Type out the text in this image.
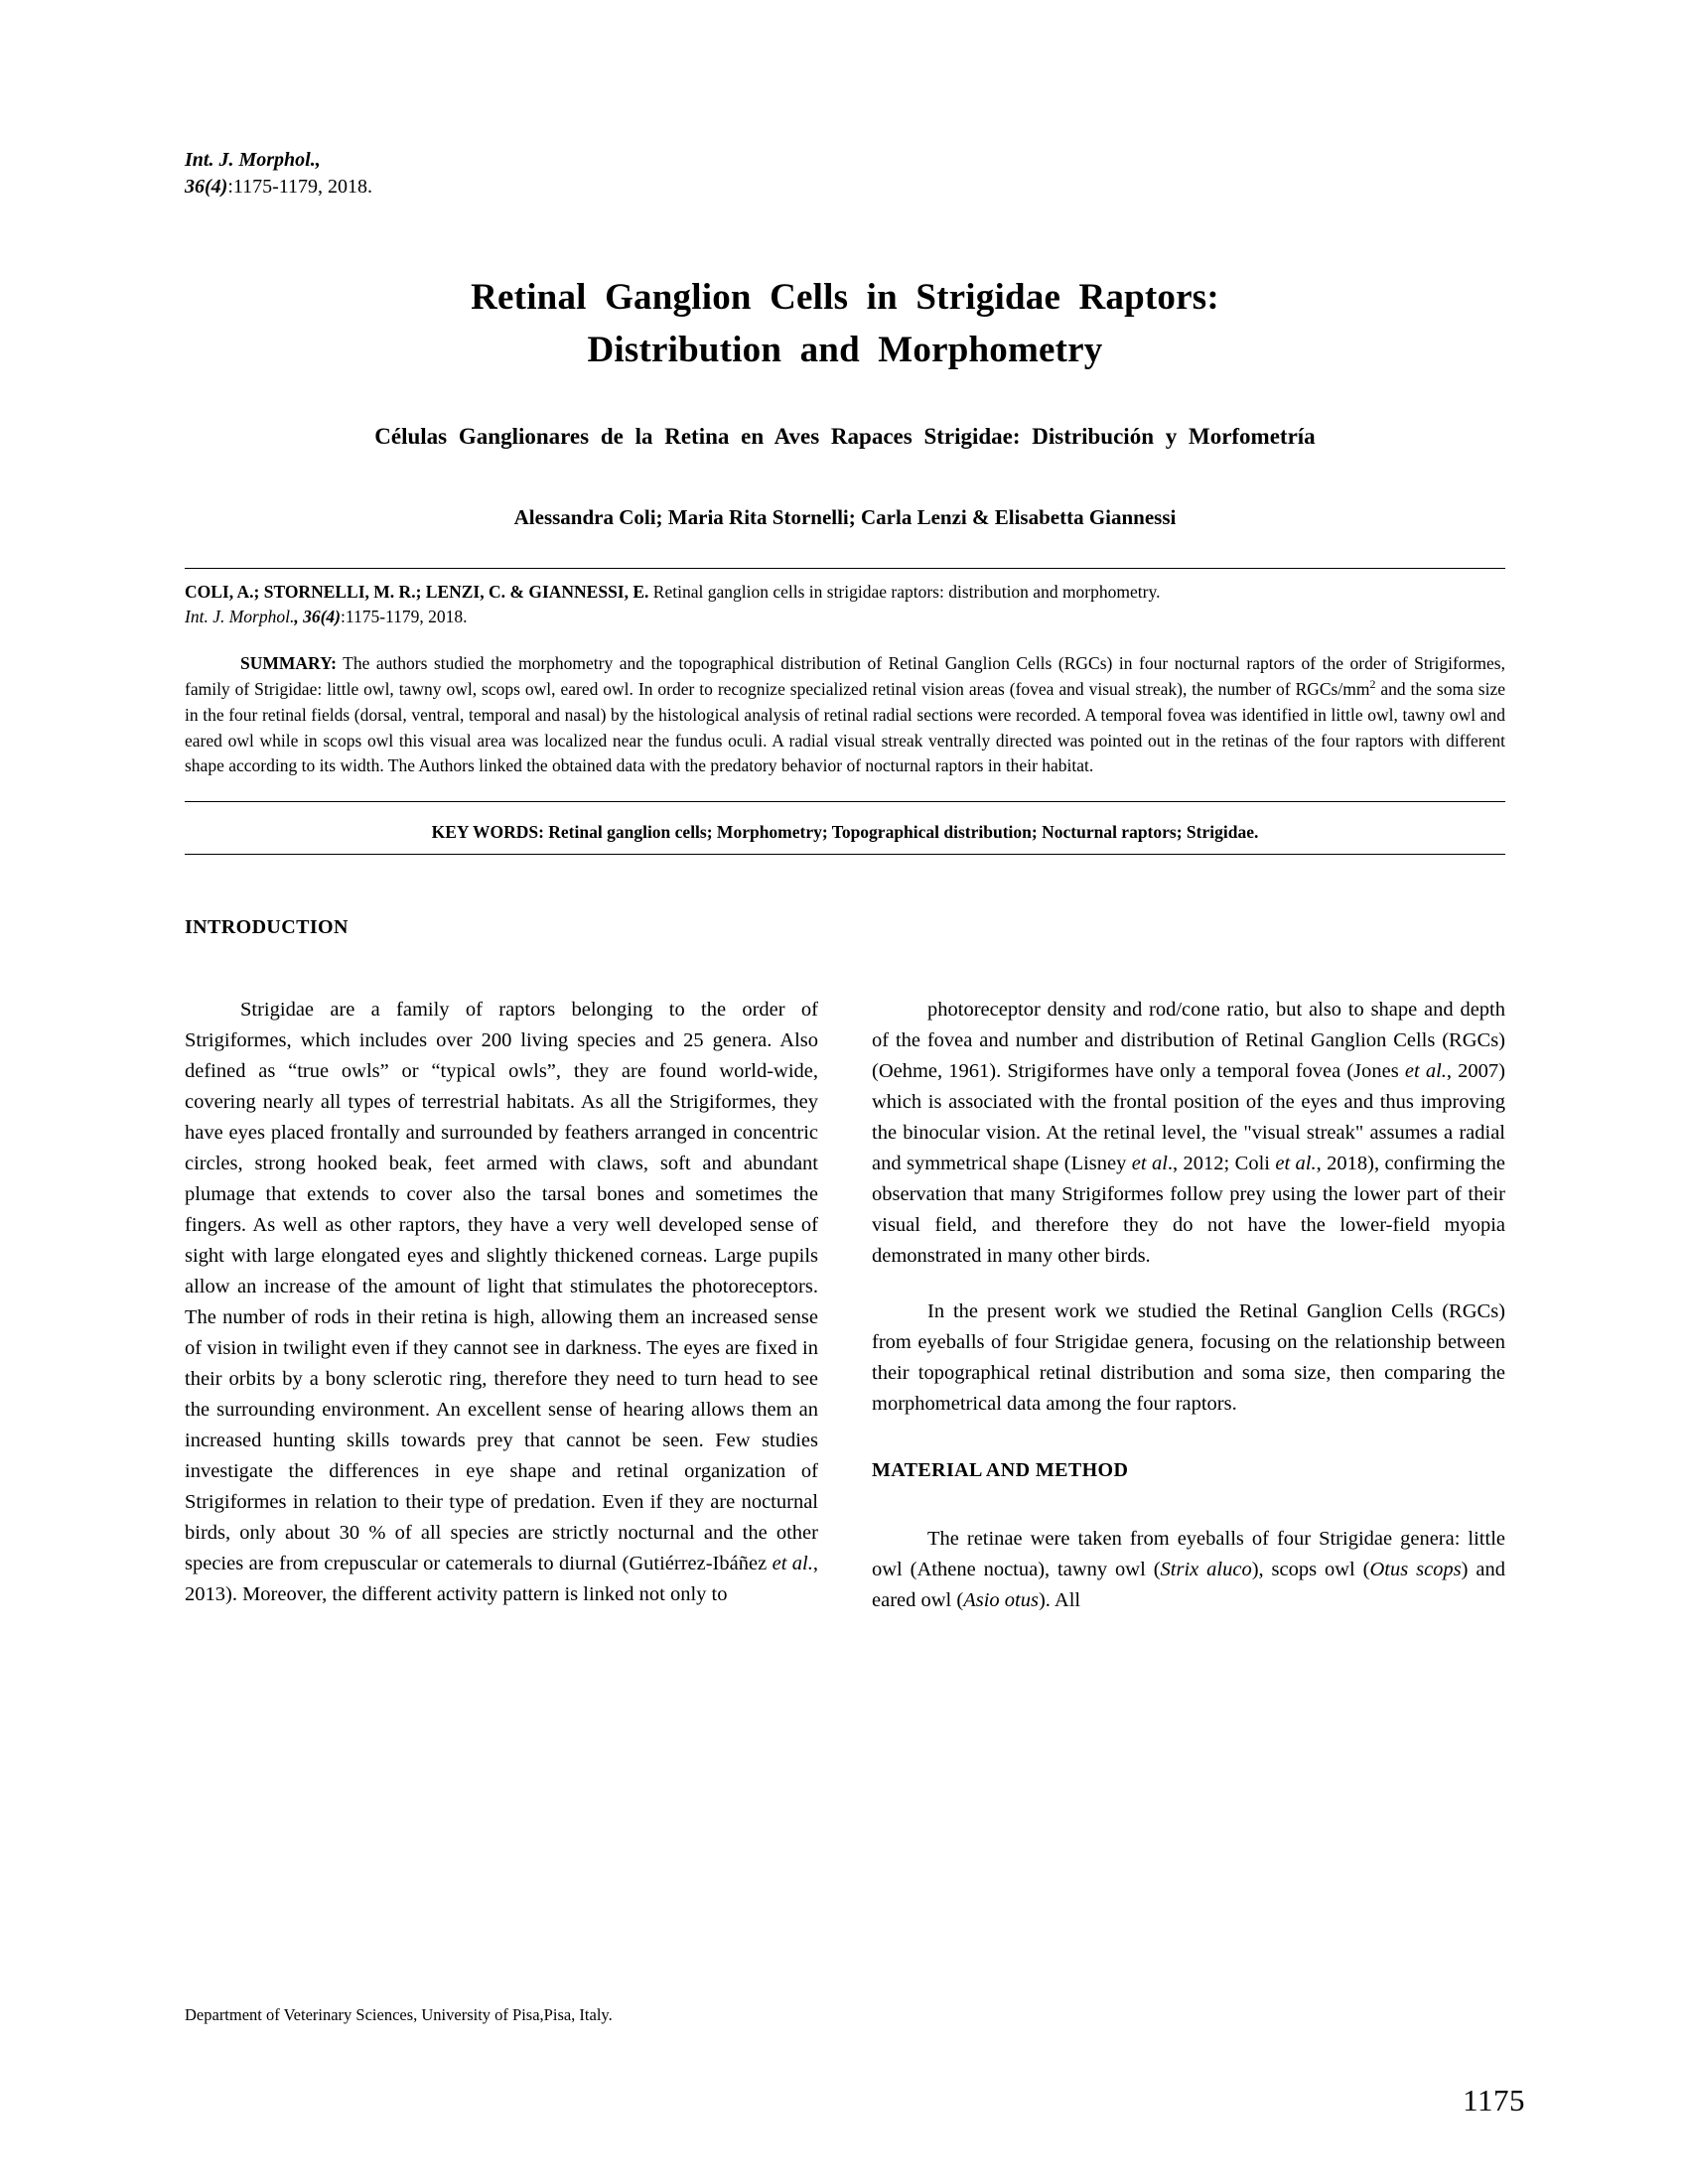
Int. J. Morphol.,
36(4):1175-1179, 2018.
Retinal Ganglion Cells in Strigidae Raptors:
Distribution and Morphometry
Células Ganglionares de la Retina en Aves Rapaces Strigidae: Distribución y Morfometría
Alessandra Coli; Maria Rita Stornelli; Carla Lenzi & Elisabetta Giannessi
COLI, A.; STORNELLI, M. R.; LENZI, C. & GIANNESSI, E. Retinal ganglion cells in strigidae raptors: distribution and morphometry.
Int. J. Morphol., 36(4):1175-1179, 2018.
SUMMARY: The authors studied the morphometry and the topographical distribution of Retinal Ganglion Cells (RGCs) in four nocturnal raptors of the order of Strigiformes, family of Strigidae: little owl, tawny owl, scops owl, eared owl. In order to recognize specialized retinal vision areas (fovea and visual streak), the number of RGCs/$mm^2$ and the soma size in the four retinal fields (dorsal, ventral, temporal and nasal) by the histological analysis of retinal radial sections were recorded. A temporal fovea was identified in little owl, tawny owl and eared owl while in scops owl this visual area was localized near the fundus oculi. A radial visual streak ventrally directed was pointed out in the retinas of the four raptors with different shape according to its width. The Authors linked the obtained data with the predatory behavior of nocturnal raptors in their habitat.
KEY WORDS: Retinal ganglion cells; Morphometry; Topographical distribution; Nocturnal raptors; Strigidae.
INTRODUCTION

Strigidae are a family of raptors belonging to the order of Strigiformes, which includes over 200 living species and 25 genera. Also defined as “true owls” or “typical owls”, they are found world-wide, covering nearly all types of terrestrial habitats. As all the Strigiformes, they have eyes placed frontally and surrounded by feathers arranged in concentric circles, strong hooked beak, feet armed with claws, soft and abundant plumage that extends to cover also the tarsal bones and sometimes the fingers. As well as other raptors, they have a very well developed sense of sight with large elongated eyes and slightly thickened corneas. Large pupils allow an increase of the amount of light that stimulates the photoreceptors. The number of rods in their retina is high, allowing them an increased sense of vision in twilight even if they cannot see in darkness. The eyes are fixed in their orbits by a bony sclerotic ring, therefore they need to turn head to see the surrounding environment. An excellent sense of hearing allows them an increased hunting skills towards prey that cannot be seen. Few studies investigate the differences in eye shape and retinal organization of Strigiformes in relation to their type of predation. Even if they are nocturnal birds, only about 30 % of all species are strictly nocturnal and the other species are from crepuscular or catemerals to diurnal (Gutiérrez-Ibáñez et al., 2013). Moreover, the different activity pattern is linked not only to

photoreceptor density and rod/cone ratio, but also to shape and depth of the fovea and number and distribution of Retinal Ganglion Cells (RGCs) (Oehme, 1961). Strigiformes have only a temporal fovea (Jones et al., 2007) which is associated with the frontal position of the eyes and thus improving the binocular vision. At the retinal level, the "visual streak" assumes a radial and symmetrical shape (Lisney et al., 2012; Coli et al., 2018), confirming the observation that many Strigiformes follow prey using the lower part of their visual field, and therefore they do not have the lower-field myopia demonstrated in many other birds.

In the present work we studied the Retinal Ganglion Cells (RGCs) from eyeballs of four Strigidae genera, focusing on the relationship between their topographical retinal distribution and soma size, then comparing the morphometrical data among the four raptors.

MATERIAL AND METHOD

The retinae were taken from eyeballs of four Strigidae genera: little owl (Athene noctua), tawny owl (Strix aluco), scops owl (Otus scops) and eared owl (Asio otus). All

Department of Veterinary Sciences, University of Pisa,Pisa, Italy.
1175
